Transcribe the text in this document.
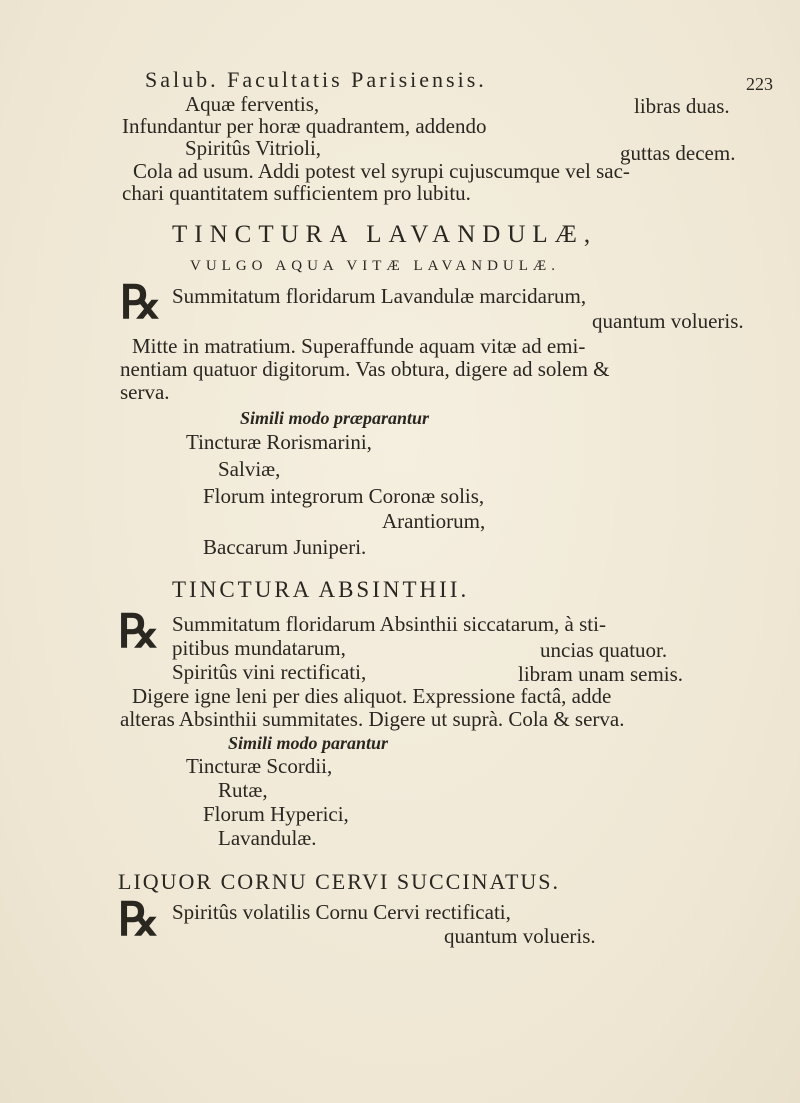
Salub. Facultatis Parisiensis.	223
Aquæ ferventis,	libras duas.
Infundantur per horæ quadrantem, addendo
Spiritûs Vitrioli,	guttas decem.
Cola ad usum. Addi potest vel syrupi cujuscumque vel sac-
chari quantitatem sufficientem pro lubitu.
TINCTURA LAVANDULÆ,
VULGO AQUA VITÆ LAVANDULÆ.
℞ Summitatum floridarum Lavandulæ marcidarum,
quantum volueris.
Mitte in matratium. Superaffunde aquam vitæ ad emi-
nentiam quatuor digitorum. Vas obtura, digere ad solem &
serva.
Simili modo præparantur
Tincturæ Rorismarini,
Salviæ,
Florum integrorum Coronæ solis,
Arantiorum,
Baccarum Juniperi.
TINCTURA ABSINTHII.
℞ Summitatum floridarum Absinthii siccatarum, à sti-
pitibus mundatarum,	uncias quatuor.
Spiritûs vini rectificati,	libram unam semis.
Digere igne leni per dies aliquot. Expressione factâ, adde
alteras Absinthii summitates. Digere ut suprà. Cola & serva.
Simili modo parantur
Tincturæ Scordii,
Rutæ,
Florum Hyperici,
Lavandulæ.
LIQUOR CORNU CERVI SUCCINATUS.
℞ Spiritûs volatilis Cornu Cervi rectificati,
quantum volueris.
